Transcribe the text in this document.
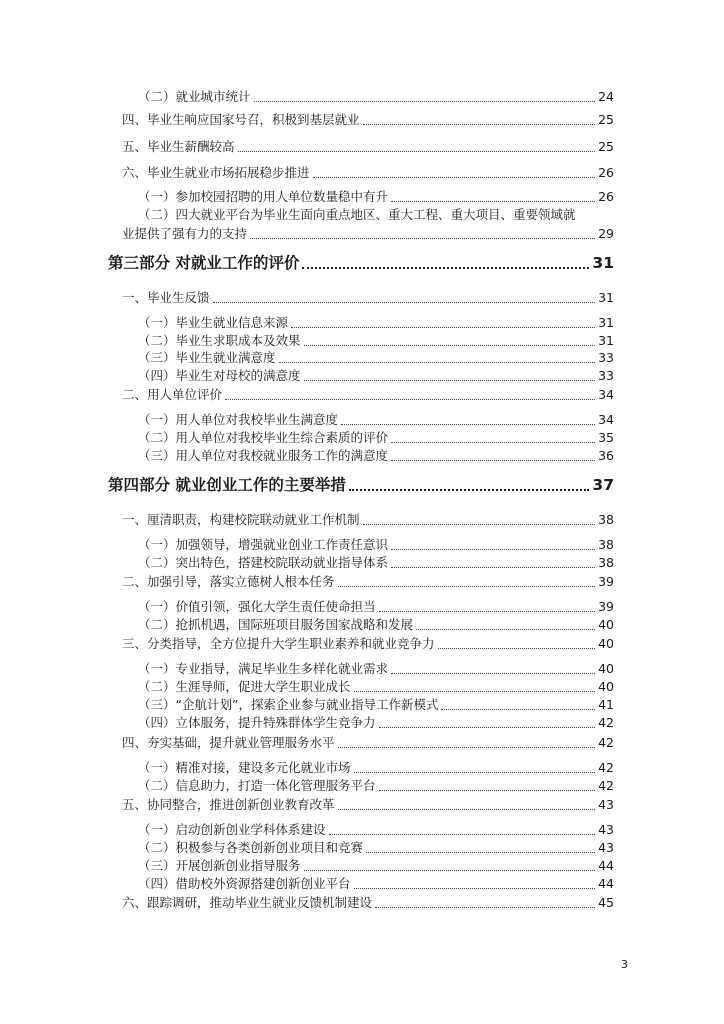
（二）就业城市统计	24
四、毕业生响应国家号召，积极到基层就业	25
五、毕业生薪酬较高	25
六、毕业生就业市场拓展稳步推进	26
（一）参加校园招聘的用人单位数量稳中有升	26
（二）四大就业平台为毕业生面向重点地区、重大工程、重大项目、重要领域就
业提供了强有力的支持	29
第三部分 对就业工作的评价	31
一、毕业生反馈	31
（一）毕业生就业信息来源	31
（二）毕业生求职成本及效果	31
（三）毕业生就业满意度	33
（四）毕业生对母校的满意度	33
二、用人单位评价	34
（一）用人单位对我校毕业生满意度	34
（二）用人单位对我校毕业生综合素质的评价	35
（三）用人单位对我校就业服务工作的满意度	36
第四部分 就业创业工作的主要举措	37
一、厘清职责，构建校院联动就业工作机制	38
（一）加强领导，增强就业创业工作责任意识	38
（二）突出特色，搭建校院联动就业指导体系	38
二、加强引导，落实立德树人根本任务	39
（一）价值引领，强化大学生责任使命担当	39
（二）抢抓机遇，国际班项目服务国家战略和发展	40
三、分类指导，全方位提升大学生职业素养和就业竞争力	40
（一）专业指导，满足毕业生多样化就业需求	40
（二）生涯导师，促进大学生职业成长	40
（三）“企航计划”，探索企业参与就业指导工作新模式	41
（四）立体服务，提升特殊群体学生竞争力	42
四、夯实基础，提升就业管理服务水平	42
（一）精准对接，建设多元化就业市场	42
（二）信息助力，打造一体化管理服务平台	42
五、协同整合，推进创新创业教育改革	43
（一）启动创新创业学科体系建设	43
（二）积极参与各类创新创业项目和竞赛	43
（三）开展创新创业指导服务	44
（四）借助校外资源搭建创新创业平台	44
六、跟踪调研，推动毕业生就业反馈机制建设	45
3
